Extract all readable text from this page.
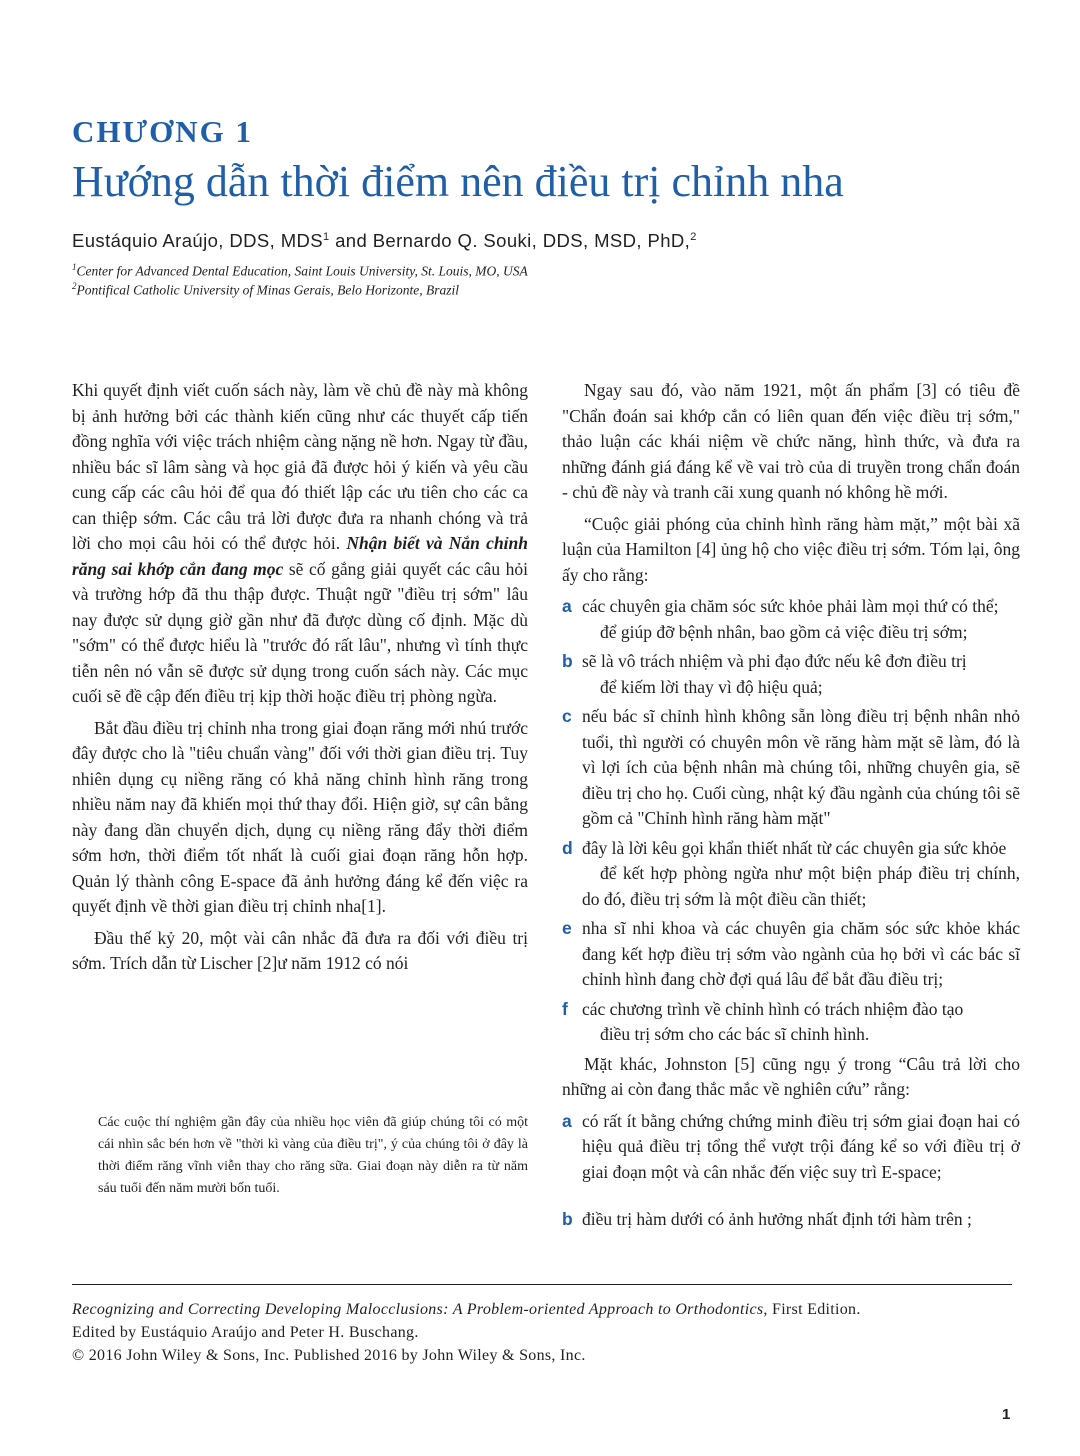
CHƯƠNG 1
Hướng dẫn thời điểm nên điều trị chỉnh nha
Eustáquio Araújo, DDS, MDS$^1$ and Bernardo Q. Souki, DDS, MSD, PhD,$^2$
$^1$Center for Advanced Dental Education, Saint Louis University, St. Louis, MO, USA
$^2$Pontifical Catholic University of Minas Gerais, Belo Horizonte, Brazil

Khi quyết định viết cuốn sách này, làm về chủ đề này mà không bị ảnh hưởng bởi các thành kiến cũng như các thuyết cấp tiến đồng nghĩa với việc trách nhiệm càng nặng nề hơn. Ngay từ đầu, nhiều bác sĩ lâm sàng và học giả đã được hỏi ý kiến và yêu cầu cung cấp các câu hỏi để qua đó thiết lập các ưu tiên cho các ca can thiệp sớm. Các câu trả lời được đưa ra nhanh chóng và trả lời cho mọi câu hỏi có thể được hỏi. Nhận biết và Nắn chỉnh răng sai khớp cắn đang mọc sẽ cố gắng giải quyết các câu hỏi và trường hớp đã thu thập được. Thuật ngữ "điều trị sớm" lâu nay được sử dụng giờ gần như đã được dùng cố định. Mặc dù "sớm" có thể được hiểu là "trước đó rất lâu", nhưng vì tính thực tiễn nên nó vẫn sẽ được sử dụng trong cuốn sách này. Các mục cuối sẽ đề cập đến điều trị kịp thời hoặc điều trị phòng ngừa.

Bắt đầu điều trị chỉnh nha trong giai đoạn răng mới nhú trước đây được cho là "tiêu chuẩn vàng" đối với thời gian điều trị. Tuy nhiên dụng cụ niềng răng có khả năng chỉnh hình răng trong nhiều năm nay đã khiến mọi thứ thay đổi. Hiện giờ, sự cân bằng này đang dần chuyển dịch, dụng cụ niềng răng đẩy thời điểm sớm hơn, thời điểm tốt nhất là cuối giai đoạn răng hỗn hợp. Quản lý thành công E-space đã ảnh hưởng đáng kể đến việc ra quyết định về thời gian điều trị chỉnh nha[1].

Đầu thế kỷ 20, một vài cân nhắc đã đưa ra đối với điều trị sớm. Trích dẫn từ Lischer [2]ư năm 1912 có nói

Các cuộc thí nghiệm gần đây của nhiều học viên đã giúp chúng tôi có một cái nhìn sắc bén hơn về "thời kì vàng của điều trị", ý của chúng tôi ở đây là thời điểm răng vĩnh viễn thay cho răng sữa. Giai đoạn này diễn ra từ năm sáu tuổi đến năm mười bốn tuổi.

Ngay sau đó, vào năm 1921, một ấn phẩm [3] có tiêu đề "Chẩn đoán sai khớp cắn có liên quan đến việc điều trị sớm," thảo luận các khái niệm về chức năng, hình thức, và đưa ra những đánh giá đáng kể về vai trò của di truyền trong chẩn đoán - chủ đề này và tranh cãi xung quanh nó không hề mới.

“Cuộc giải phóng của chỉnh hình răng hàm mặt,” một bài xã luận của Hamilton [4] ủng hộ cho việc điều trị sớm. Tóm lại, ông ấy cho rằng:

a các chuyên gia chăm sóc sức khỏe phải làm mọi thứ có thể;
để giúp đỡ bệnh nhân, bao gồm cả việc điều trị sớm;
b sẽ là vô trách nhiệm và phi đạo đức nếu kê đơn điều trị
để kiếm lời thay vì độ hiệu quả;
c nếu bác sĩ chỉnh hình không sẵn lòng điều trị bệnh nhân nhỏ tuổi, thì người có chuyên môn về răng hàm mặt sẽ làm, đó là vì lợi ích của bệnh nhân mà chúng tôi, những chuyên gia, sẽ điều trị cho họ. Cuối cùng, nhật ký đầu ngành của chúng tôi sẽ gồm cả "Chỉnh hình răng hàm mặt"
d đây là lời kêu gọi khẩn thiết nhất từ các chuyên gia sức khỏe
để kết hợp phòng ngừa như một biện pháp điều trị chính, do đó, điều trị sớm là một điều cần thiết;
e nha sĩ nhi khoa và các chuyên gia chăm sóc sức khỏe khác đang kết hợp điều trị sớm vào ngành của họ bởi vì các bác sĩ chỉnh hình đang chờ đợi quá lâu để bắt đầu điều trị;
f các chương trình về chỉnh hình có trách nhiệm đào tạo
điều trị sớm cho các bác sĩ chỉnh hình.

Mặt khác, Johnston [5] cũng ngụ ý trong “Câu trả lời cho những ai còn đang thắc mắc về nghiên cứu” rằng:

a có rất ít bằng chứng chứng minh điều trị sớm giai đoạn hai có hiệu quả điều trị tổng thể vượt trội đáng kể so với điều trị ở giai đoạn một và cân nhắc đến việc suy trì E-space;
b điều trị hàm dưới có ảnh hưởng nhất định tới hàm trên ;
Recognizing and Correcting Developing Malocclusions: A Problem-oriented Approach to Orthodontics, First Edition.
Edited by Eustáquio Araújo and Peter H. Buschang.
© 2016 John Wiley & Sons, Inc. Published 2016 by John Wiley & Sons, Inc.
1
